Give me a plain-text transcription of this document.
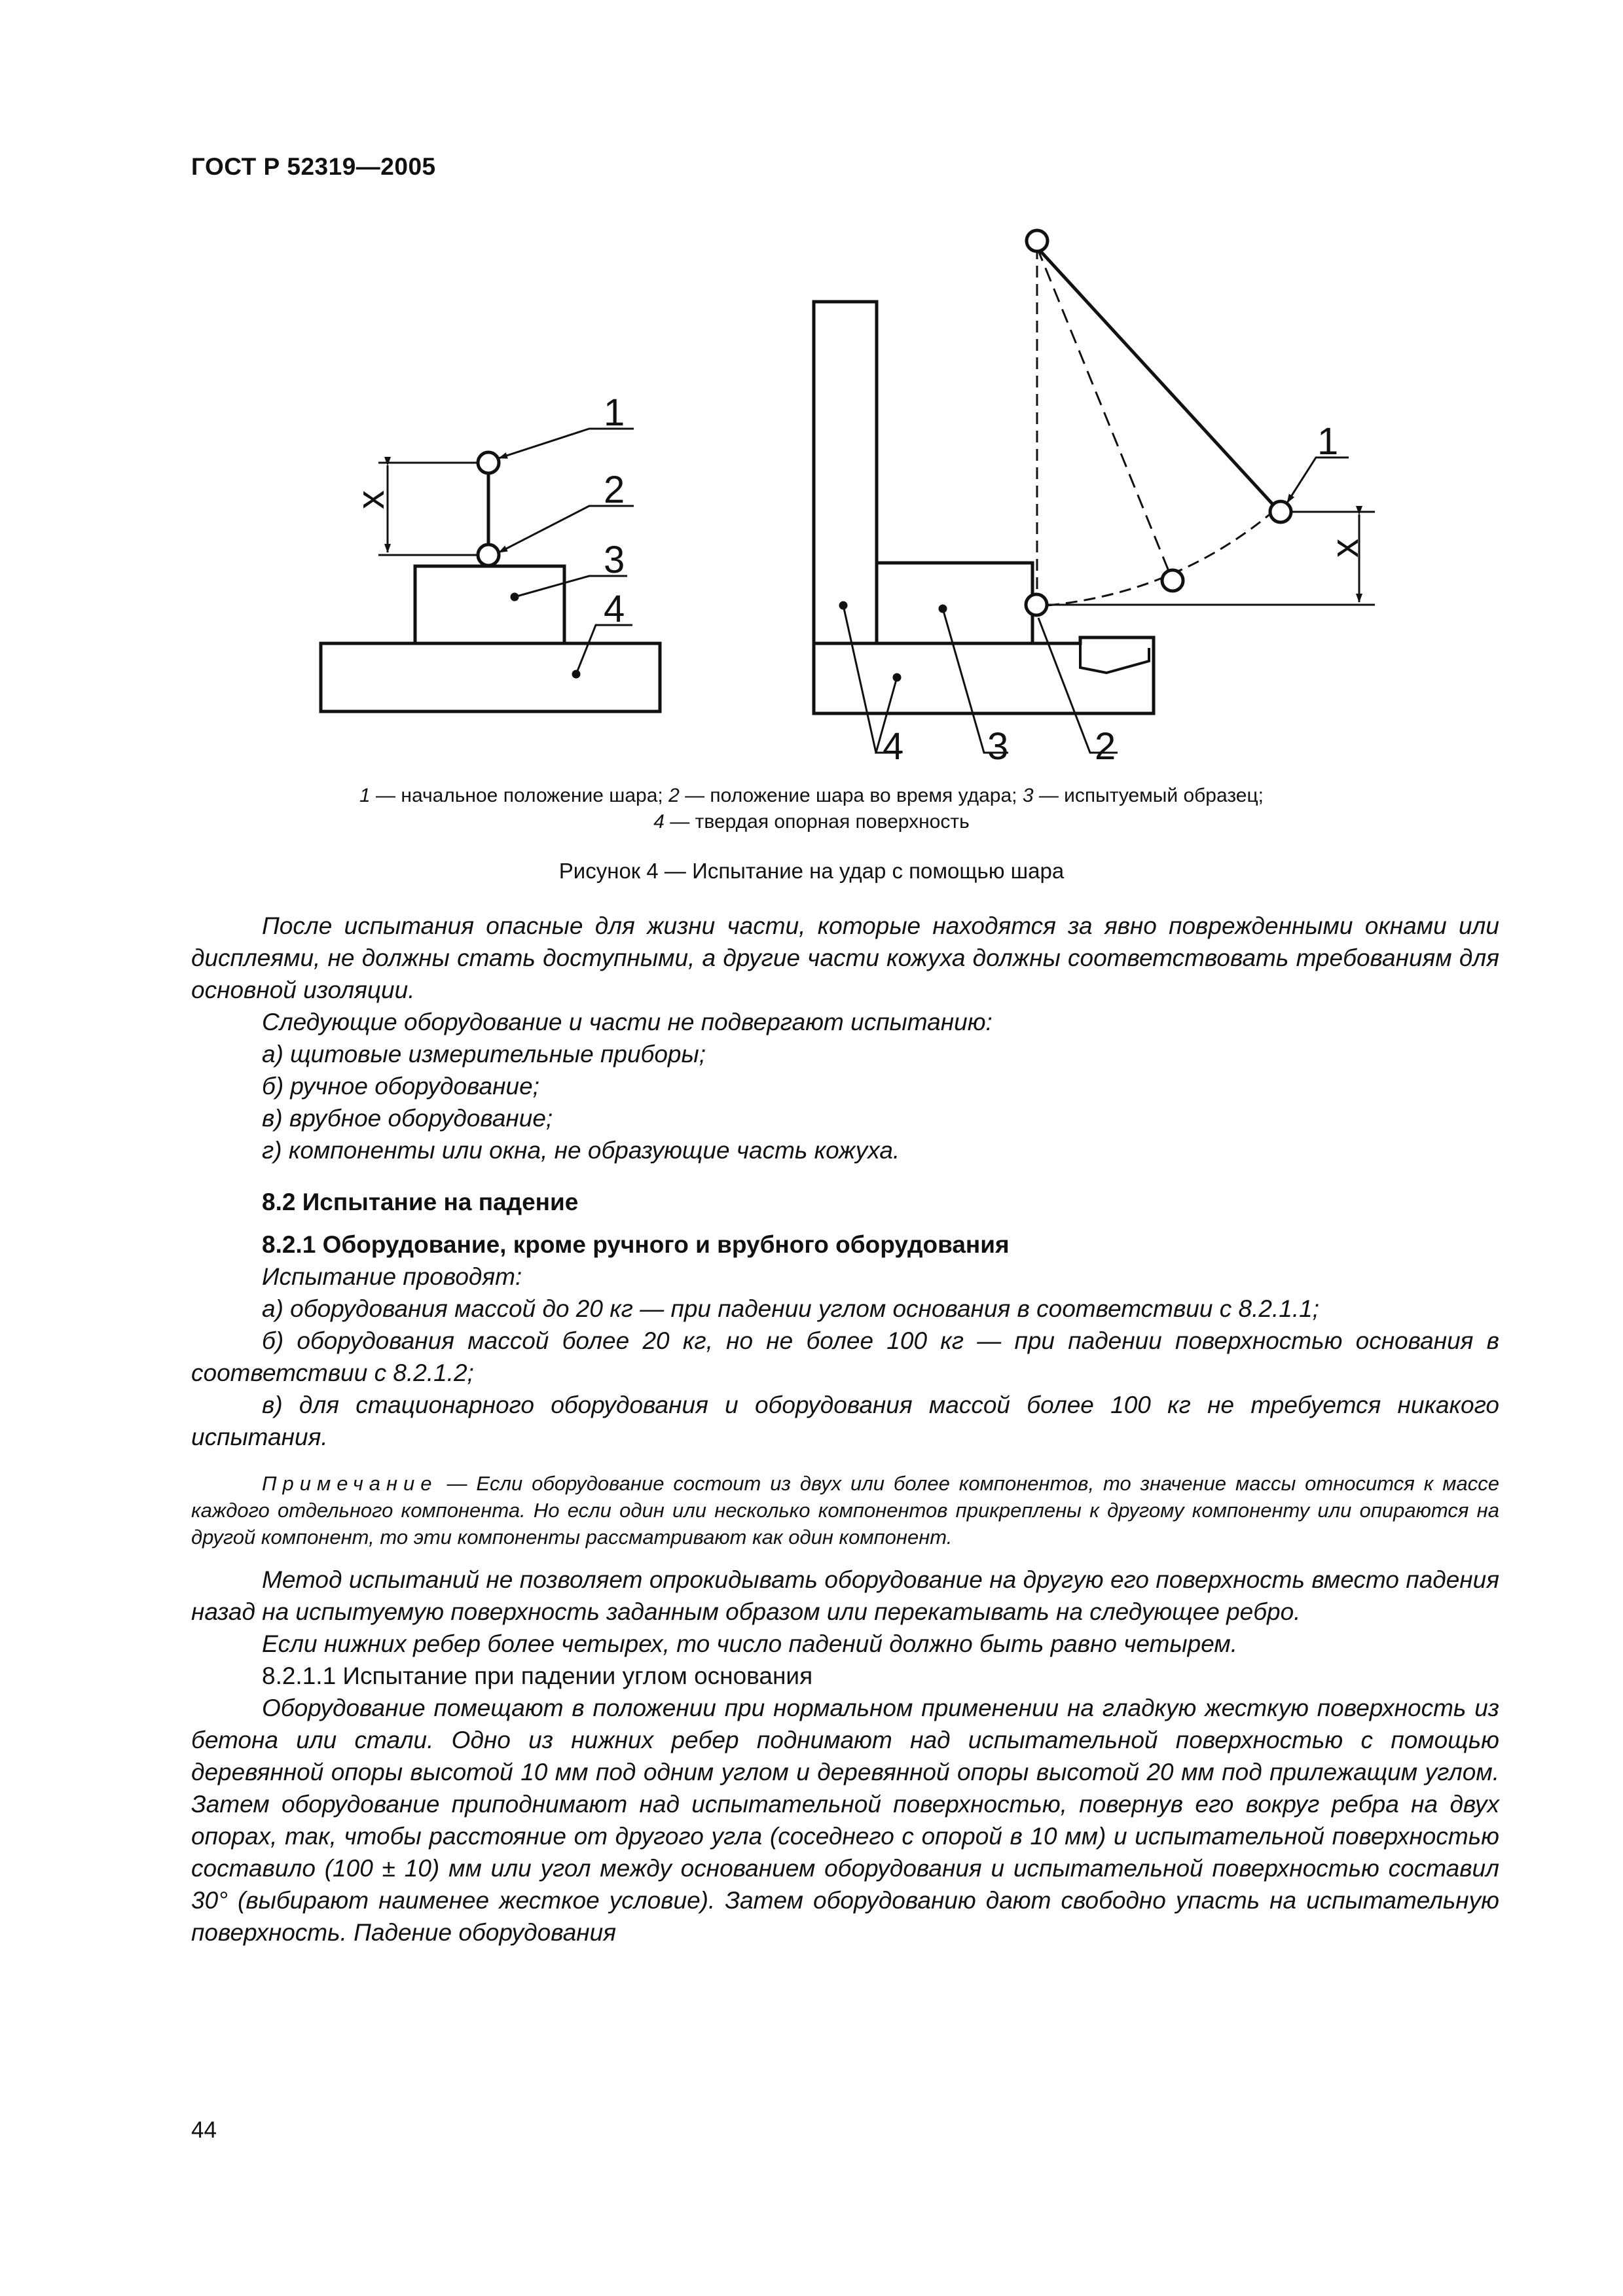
ГОСТ Р 52319—2005
1
2
3
4
x
1
4 3 2
x
1 — начальное положение шара; 2 — положение шара во время удара; 3 — испытуемый образец;
4 — твердая опорная поверхность
Рисунок 4 — Испытание на удар с помощью шара

После испытания опасные для жизни части, которые находятся за явно поврежденными окнами или дисплеями, не должны стать доступными, а другие части кожуха должны соответствовать требованиям для основной изоляции.

Следующие оборудование и части не подвергают испытанию:

а) щитовые измерительные приборы;

б) ручное оборудование;

в) врубное оборудование;

г) компоненты или окна, не образующие часть кожуха.

8.2 Испытание на падение
8.2.1 Оборудование, кроме ручного и врубного оборудования

Испытание проводят:

а) оборудования массой до 20 кг — при падении углом основания в соответствии с 8.2.1.1;

б) оборудования массой более 20 кг, но не более 100 кг — при падении поверхностью основания в соответствии с 8.2.1.2;

в) для стационарного оборудования и оборудования массой более 100 кг не требуется никакого испытания.

Примечание — Если оборудование состоит из двух или более компонентов, то значение массы относится к массе каждого отдельного компонента. Но если один или несколько компонентов прикреплены к другому компоненту или опираются на другой компонент, то эти компоненты рассматривают как один компонент.

Метод испытаний не позволяет опрокидывать оборудование на другую его поверхность вместо падения назад на испытуемую поверхность заданным образом или перекатывать на следующее ребро.

Если нижних ребер более четырех, то число падений должно быть равно четырем.

8.2.1.1 Испытание при падении углом основания

Оборудование помещают в положении при нормальном применении на гладкую жесткую поверхность из бетона или стали. Одно из нижних ребер поднимают над испытательной поверхностью с помощью деревянной опоры высотой 10 мм под одним углом и деревянной опоры высотой 20 мм под прилежащим углом. Затем оборудование приподнимают над испытательной поверхностью, повернув его вокруг ребра на двух опорах, так, чтобы расстояние от другого угла (соседнего с опорой в 10 мм) и испытательной поверхностью составило (100 ± 10) мм или угол между основанием оборудования и испытательной поверхностью составил 30° (выбирают наименее жесткое условие). Затем оборудованию дают свободно упасть на испытательную поверхность. Падение оборудования

44
